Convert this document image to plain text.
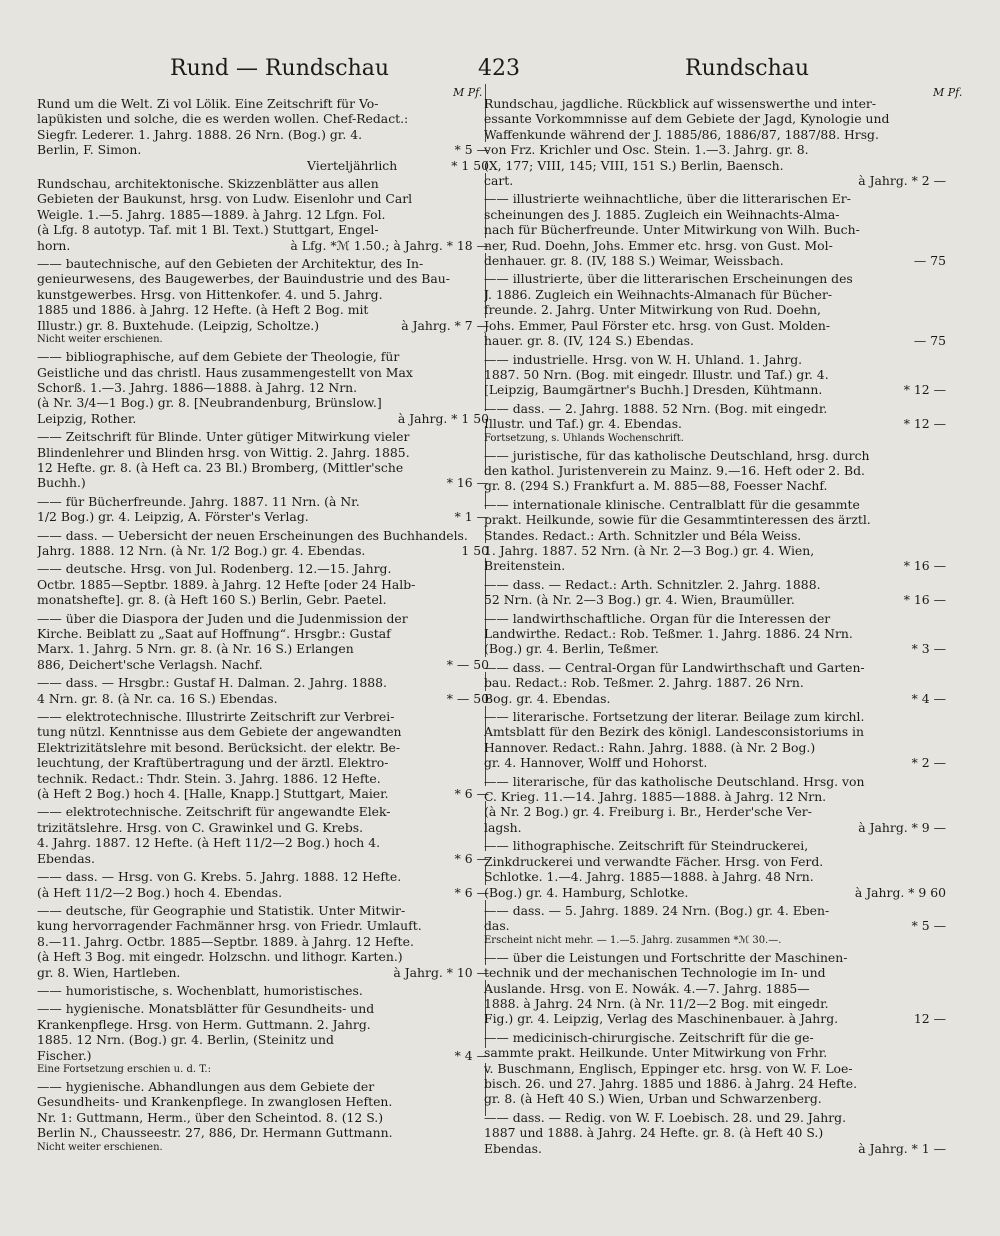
Rund — Rundschau	423	Rundschau
M Pf.	M Pf.
Rund um die Welt. Zi vol Lölik. Eine Zeitschrift für Vo-
lapükisten und solche, die es werden wollen. Chef-Redact.:
Siegfr. Lederer. 1. Jahrg. 1888. 26 Nrn. (Bog.) gr. 4.
Berlin, F. Simon.	* 5 —
Vierteljährlich	* 1 50
Rundschau, architektonische. Skizzenblätter aus allen
Gebieten der Baukunst, hrsg. von Ludw. Eisenlohr und Carl
Weigle. 1.—5. Jahrg. 1885—1889. à Jahrg. 12 Lfgn. Fol.
(à Lfg. 8 autotyp. Taf. mit 1 Bl. Text.) Stuttgart, Engel-
horn.	à Lfg. *ℳ 1.50.; à Jahrg. * 18 —
—— bautechnische, auf den Gebieten der Architektur, des In-
genieurwesens, des Baugewerbes, der Bauindustrie und des Bau-
kunstgewerbes. Hrsg. von Hittenkofer. 4. und 5. Jahrg.
1885 und 1886. à Jahrg. 12 Hefte. (à Heft 2 Bog. mit
Illustr.) gr. 8. Buxtehude. (Leipzig, Scholtze.)	à Jahrg. * 7 —
Nicht weiter erschienen.
—— bibliographische, auf dem Gebiete der Theologie, für
Geistliche und das christl. Haus zusammengestellt von Max
Schorß. 1.—3. Jahrg. 1886—1888. à Jahrg. 12 Nrn.
(à Nr. 3/4—1 Bog.) gr. 8. [Neubrandenburg, Brünslow.]
Leipzig, Rother.	à Jahrg. * 1 50
—— Zeitschrift für Blinde. Unter gütiger Mitwirkung vieler
Blindenlehrer und Blinden hrsg. von Wittig. 2. Jahrg. 1885.
12 Hefte. gr. 8. (à Heft ca. 23 Bl.) Bromberg, (Mittler'sche
Buchh.)	* 16 —
—— für Bücherfreunde. Jahrg. 1887. 11 Nrn. (à Nr.
1/2 Bog.) gr. 4. Leipzig, A. Förster's Verlag.	* 1 —
—— dass. — Uebersicht der neuen Erscheinungen des Buchhandels.
Jahrg. 1888. 12 Nrn. (à Nr. 1/2 Bog.) gr. 4. Ebendas.	1 50
—— deutsche. Hrsg. von Jul. Rodenberg. 12.—15. Jahrg.
Octbr. 1885—Septbr. 1889. à Jahrg. 12 Hefte [oder 24 Halb-
monatshefte]. gr. 8. (à Heft 160 S.) Berlin, Gebr. Paetel.
—— über die Diaspora der Juden und die Judenmission der
Kirche. Beiblatt zu „Saat auf Hoffnung“. Hrsgbr.: Gustaf
Marx. 1. Jahrg. 5 Nrn. gr. 8. (à Nr. 16 S.) Erlangen
886, Deichert'sche Verlagsh. Nachf.	* — 50
—— dass. — Hrsgbr.: Gustaf H. Dalman. 2. Jahrg. 1888.
4 Nrn. gr. 8. (à Nr. ca. 16 S.) Ebendas.	* — 50
—— elektrotechnische. Illustrirte Zeitschrift zur Verbrei-
tung nützl. Kenntnisse aus dem Gebiete der angewandten
Elektrizitätslehre mit besond. Berücksicht. der elektr. Be-
leuchtung, der Kraftübertragung und der ärztl. Elektro-
technik. Redact.: Thdr. Stein. 3. Jahrg. 1886. 12 Hefte.
(à Heft 2 Bog.) hoch 4. [Halle, Knapp.] Stuttgart, Maier.	* 6 —
—— elektrotechnische. Zeitschrift für angewandte Elek-
trizitätslehre. Hrsg. von C. Grawinkel und G. Krebs.
4. Jahrg. 1887. 12 Hefte. (à Heft 11/2—2 Bog.) hoch 4.
Ebendas.	* 6 —
—— dass. — Hrsg. von G. Krebs. 5. Jahrg. 1888. 12 Hefte.
(à Heft 11/2—2 Bog.) hoch 4. Ebendas.	* 6 —
—— deutsche, für Geographie und Statistik. Unter Mitwir-
kung hervorragender Fachmänner hrsg. von Friedr. Umlauft.
8.—11. Jahrg. Octbr. 1885—Septbr. 1889. à Jahrg. 12 Hefte.
(à Heft 3 Bog. mit eingedr. Holzschn. und lithogr. Karten.)
gr. 8. Wien, Hartleben.	à Jahrg. * 10 —
—— humoristische, s. Wochenblatt, humoristisches.
—— hygienische. Monatsblätter für Gesundheits- und
Krankenpflege. Hrsg. von Herm. Guttmann. 2. Jahrg.
1885. 12 Nrn. (Bog.) gr. 4. Berlin, (Steinitz und
Fischer.)	* 4 —
Eine Fortsetzung erschien u. d. T.:
—— hygienische. Abhandlungen aus dem Gebiete der
Gesundheits- und Krankenpflege. In zwanglosen Heften.
Nr. 1: Guttmann, Herm., über den Scheintod. 8. (12 S.)
Berlin N., Chausseestr. 27, 886, Dr. Hermann Guttmann.
Nicht weiter erschienen.
Rundschau, jagdliche. Rückblick auf wissenswerthe und inter-
essante Vorkommnisse auf dem Gebiete der Jagd, Kynologie und
Waffenkunde während der J. 1885/86, 1886/87, 1887/88. Hrsg.
von Frz. Krichler und Osc. Stein. 1.—3. Jahrg. gr. 8.
(X, 177; VIII, 145; VIII, 151 S.) Berlin, Baensch.
cart.	à Jahrg. * 2 —
—— illustrierte weihnachtliche, über die litterarischen Er-
scheinungen des J. 1885. Zugleich ein Weihnachts-Alma-
nach für Bücherfreunde. Unter Mitwirkung von Wilh. Buch-
ner, Rud. Doehn, Johs. Emmer etc. hrsg. von Gust. Mol-
denhauer. gr. 8. (IV, 188 S.) Weimar, Weissbach.	— 75
—— illustrierte, über die litterarischen Erscheinungen des
J. 1886. Zugleich ein Weihnachts-Almanach für Bücher-
freunde. 2. Jahrg. Unter Mitwirkung von Rud. Doehn,
Johs. Emmer, Paul Förster etc. hrsg. von Gust. Molden-
hauer. gr. 8. (IV, 124 S.) Ebendas.	— 75
—— industrielle. Hrsg. von W. H. Uhland. 1. Jahrg.
1887. 50 Nrn. (Bog. mit eingedr. Illustr. und Taf.) gr. 4.
[Leipzig, Baumgärtner's Buchh.] Dresden, Kühtmann.	* 12 —
—— dass. — 2. Jahrg. 1888. 52 Nrn. (Bog. mit eingedr.
Illustr. und Taf.) gr. 4. Ebendas.	* 12 —
Fortsetzung, s. Uhlands Wochenschrift.
—— juristische, für das katholische Deutschland, hrsg. durch
den kathol. Juristenverein zu Mainz. 9.—16. Heft oder 2. Bd.
gr. 8. (294 S.) Frankfurt a. M. 885—88, Foesser Nachf.
—— internationale klinische. Centralblatt für die gesammte
prakt. Heilkunde, sowie für die Gesammtinteressen des ärztl.
Standes. Redact.: Arth. Schnitzler und Béla Weiss.
1. Jahrg. 1887. 52 Nrn. (à Nr. 2—3 Bog.) gr. 4. Wien,
Breitenstein.	* 16 —
—— dass. — Redact.: Arth. Schnitzler. 2. Jahrg. 1888.
52 Nrn. (à Nr. 2—3 Bog.) gr. 4. Wien, Braumüller.	* 16 —
—— landwirthschaftliche. Organ für die Interessen der
Landwirthe. Redact.: Rob. Teßmer. 1. Jahrg. 1886. 24 Nrn.
(Bog.) gr. 4. Berlin, Teßmer.	* 3 —
—— dass. — Central-Organ für Landwirthschaft und Garten-
bau. Redact.: Rob. Teßmer. 2. Jahrg. 1887. 26 Nrn.
Bog. gr. 4. Ebendas.	* 4 —
—— literarische. Fortsetzung der literar. Beilage zum kirchl.
Amtsblatt für den Bezirk des königl. Landesconsistoriums in
Hannover. Redact.: Rahn. Jahrg. 1888. (à Nr. 2 Bog.)
gr. 4. Hannover, Wolff und Hohorst.	* 2 —
—— literarische, für das katholische Deutschland. Hrsg. von
C. Krieg. 11.—14. Jahrg. 1885—1888. à Jahrg. 12 Nrn.
(à Nr. 2 Bog.) gr. 4. Freiburg i. Br., Herder'sche Ver-
lagsh.	à Jahrg. * 9 —
—— lithographische. Zeitschrift für Steindruckerei,
Zinkdruckerei und verwandte Fächer. Hrsg. von Ferd.
Schlotke. 1.—4. Jahrg. 1885—1888. à Jahrg. 48 Nrn.
(Bog.) gr. 4. Hamburg, Schlotke.	à Jahrg. * 9 60
—— dass. — 5. Jahrg. 1889. 24 Nrn. (Bog.) gr. 4. Eben-
das.	* 5 —
Erscheint nicht mehr. — 1.—5. Jahrg. zusammen *ℳ 30.—.
—— über die Leistungen und Fortschritte der Maschinen-
technik und der mechanischen Technologie im In- und
Auslande. Hrsg. von E. Nowák. 4.—7. Jahrg. 1885—
1888. à Jahrg. 24 Nrn. (à Nr. 11/2—2 Bog. mit eingedr.
Fig.) gr. 4. Leipzig, Verlag des Maschinenbauer. à Jahrg.	12 —
—— medicinisch-chirurgische. Zeitschrift für die ge-
sammte prakt. Heilkunde. Unter Mitwirkung von Frhr.
v. Buschmann, Englisch, Eppinger etc. hrsg. von W. F. Loe-
bisch. 26. und 27. Jahrg. 1885 und 1886. à Jahrg. 24 Hefte.
gr. 8. (à Heft 40 S.) Wien, Urban und Schwarzenberg.
—— dass. — Redig. von W. F. Loebisch. 28. und 29. Jahrg.
1887 und 1888. à Jahrg. 24 Hefte. gr. 8. (à Heft 40 S.)
Ebendas.	à Jahrg. * 1 —
